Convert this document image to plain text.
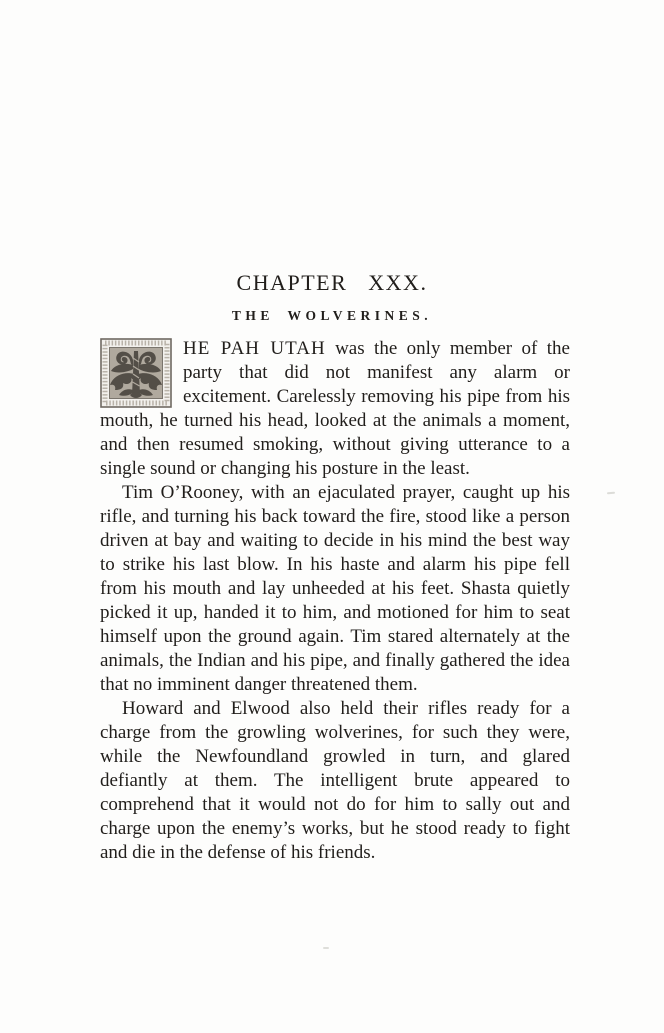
CHAPTER XXX.
THE WOLVERINES.

HE PAH UTAH was the only member of the party that did not manifest any alarm or excitement. Carelessly removing his pipe from his mouth, he turned his head, looked at the animals a moment, and then resumed smoking, without giving utterance to a single sound or changing his posture in the least.

Tim O’Rooney, with an ejaculated prayer, caught up his rifle, and turning his back toward the fire, stood like a person driven at bay and waiting to decide in his mind the best way to strike his last blow. In his haste and alarm his pipe fell from his mouth and lay unheeded at his feet. Shasta quietly picked it up, handed it to him, and motioned for him to seat himself upon the ground again. Tim stared alternately at the animals, the Indian and his pipe, and finally gathered the idea that no imminent danger threatened them.

Howard and Elwood also held their rifles ready for a charge from the growling wolverines, for such they were, while the Newfoundland growled in turn, and glared defiantly at them. The intelligent brute appeared to comprehend that it would not do for him to sally out and charge upon the enemy’s works, but he stood ready to fight and die in the defense of his friends.
